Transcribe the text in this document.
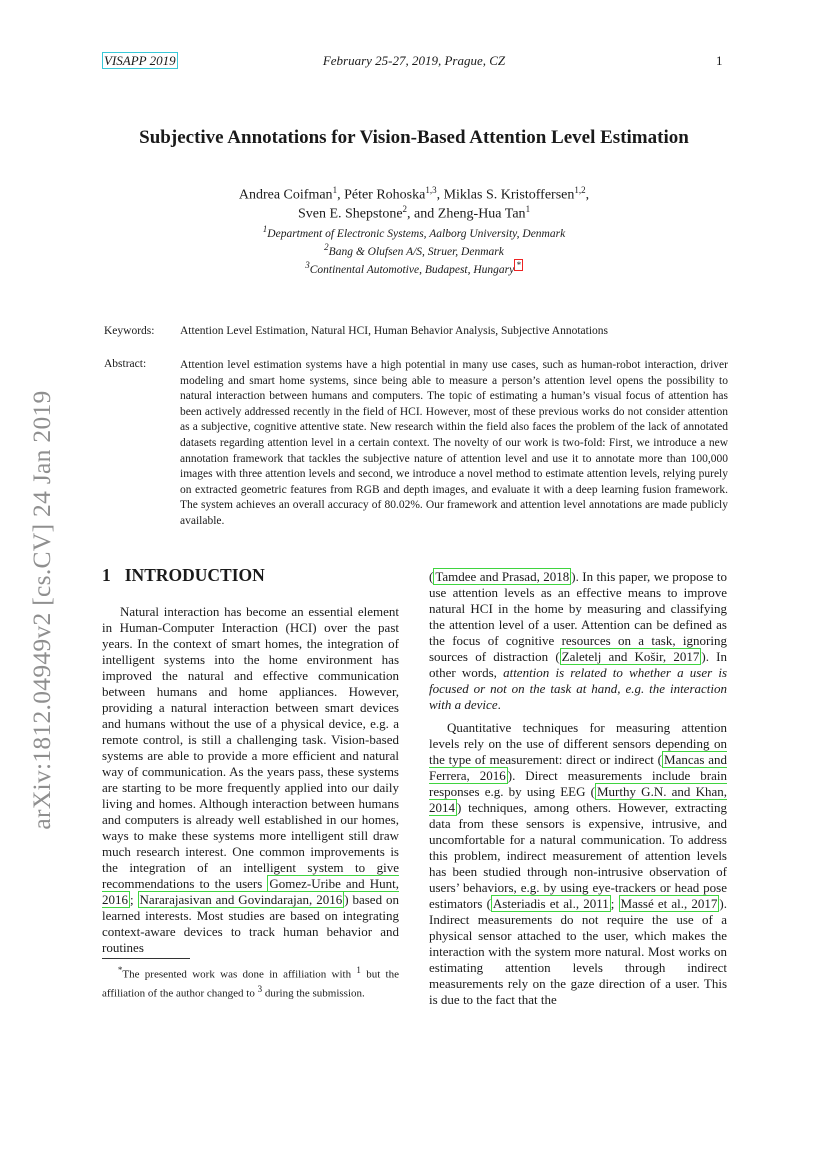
VISAPP 2019	February 25-27, 2019, Prague, CZ	1
Subjective Annotations for Vision-Based Attention Level Estimation
Andrea Coifman$^1$, Péter Rohoska$^{1,3}$, Miklas S. Kristoffersen$^{1,2}$,
Sven E. Shepstone$^2$, and Zheng-Hua Tan$^1$
$^1$Department of Electronic Systems, Aalborg University, Denmark
$^2$Bang & Olufsen A/S, Struer, Denmark
$^3$Continental Automotive, Budapest, Hungary *
Keywords: Attention Level Estimation, Natural HCI, Human Behavior Analysis, Subjective Annotations
Abstract:	Attention level estimation systems have a high potential in many use cases, such as human-robot interaction, driver modeling and smart home systems, since being able to measure a person’s attention level opens the possibility to natural interaction between humans and computers. The topic of estimating a human’s visual focus of attention has been actively addressed recently in the field of HCI. However, most of these previous works do not consider attention as a subjective, cognitive attentive state. New research within the field also faces the problem of the lack of annotated datasets regarding attention level in a certain context. The novelty of our work is two-fold: First, we introduce a new annotation framework that tackles the subjective nature of attention level and use it to annotate more than 100,000 images with three attention levels and second, we introduce a novel method to estimate attention levels, relying purely on extracted geometric features from RGB and depth images, and evaluate it with a deep learning fusion framework. The system achieves an overall accuracy of 80.02%. Our framework and attention level annotations are made publicly available.
arXiv:1812.04949v2 [cs.CV] 24 Jan 2019	1 INTRODUCTION

Natural interaction has become an essential element in Human-Computer Interaction (HCI) over the past years. In the context of smart homes, the integration of intelligent systems into the home environment has improved the natural and effective communication between humans and home appliances. However, providing a natural interaction between smart devices and humans without the use of a physical device, e.g. a remote control, is still a challenging task. Vision-based systems are able to provide a more efficient and natural way of communication. As the years pass, these systems are starting to be more frequently applied into our daily living and homes. Although interaction between humans and computers is already well established in our homes, ways to make these systems more intelligent still draw much research interest. One common improvements is the integration of an intelligent system to give recommendations to the users Gomez-Uribe and Hunt, 2016 ; Nararajasivan and Govindarajan, 2016 ) based on learned interests. Most studies are based on integrating context-aware devices to track human behavior and routines

*The presented work was done in affiliation with $^1$ but the affiliation of the author changed to $^3$ during the submission.

( Tamdee and Prasad, 2018 ). In this paper, we propose to use attention levels as an effective means to improve natural HCI in the home by measuring and classifying the attention level of a user. Attention can be defined as the focus of cognitive resources on a task, ignoring sources of distraction ( Zaletelj and Košir, 2017 ). In other words, attention is related to whether a user is focused or not on the task at hand, e.g. the interaction with a device.

Quantitative techniques for measuring attention levels rely on the use of different sensors depending on the type of measurement: direct or indirect ( Mancas and Ferrera, 2016 ). Direct measurements include brain responses e.g. by using EEG ( Murthy G.N. and Khan, 2014 ) techniques, among others. However, extracting data from these sensors is expensive, intrusive, and uncomfortable for a natural communication. To address this problem, indirect measurement of attention levels has been studied through non-intrusive observation of users’ behaviors, e.g. by using eye-trackers or head pose estimators ( Asteriadis et al., 2011 ; Massé et al., 2017 ). Indirect measurements do not require the use of a physical sensor attached to the user, which makes the interaction with the system more natural. Most works on estimating attention levels through indirect measurements rely on the gaze direction of a user. This is due to the fact that the
